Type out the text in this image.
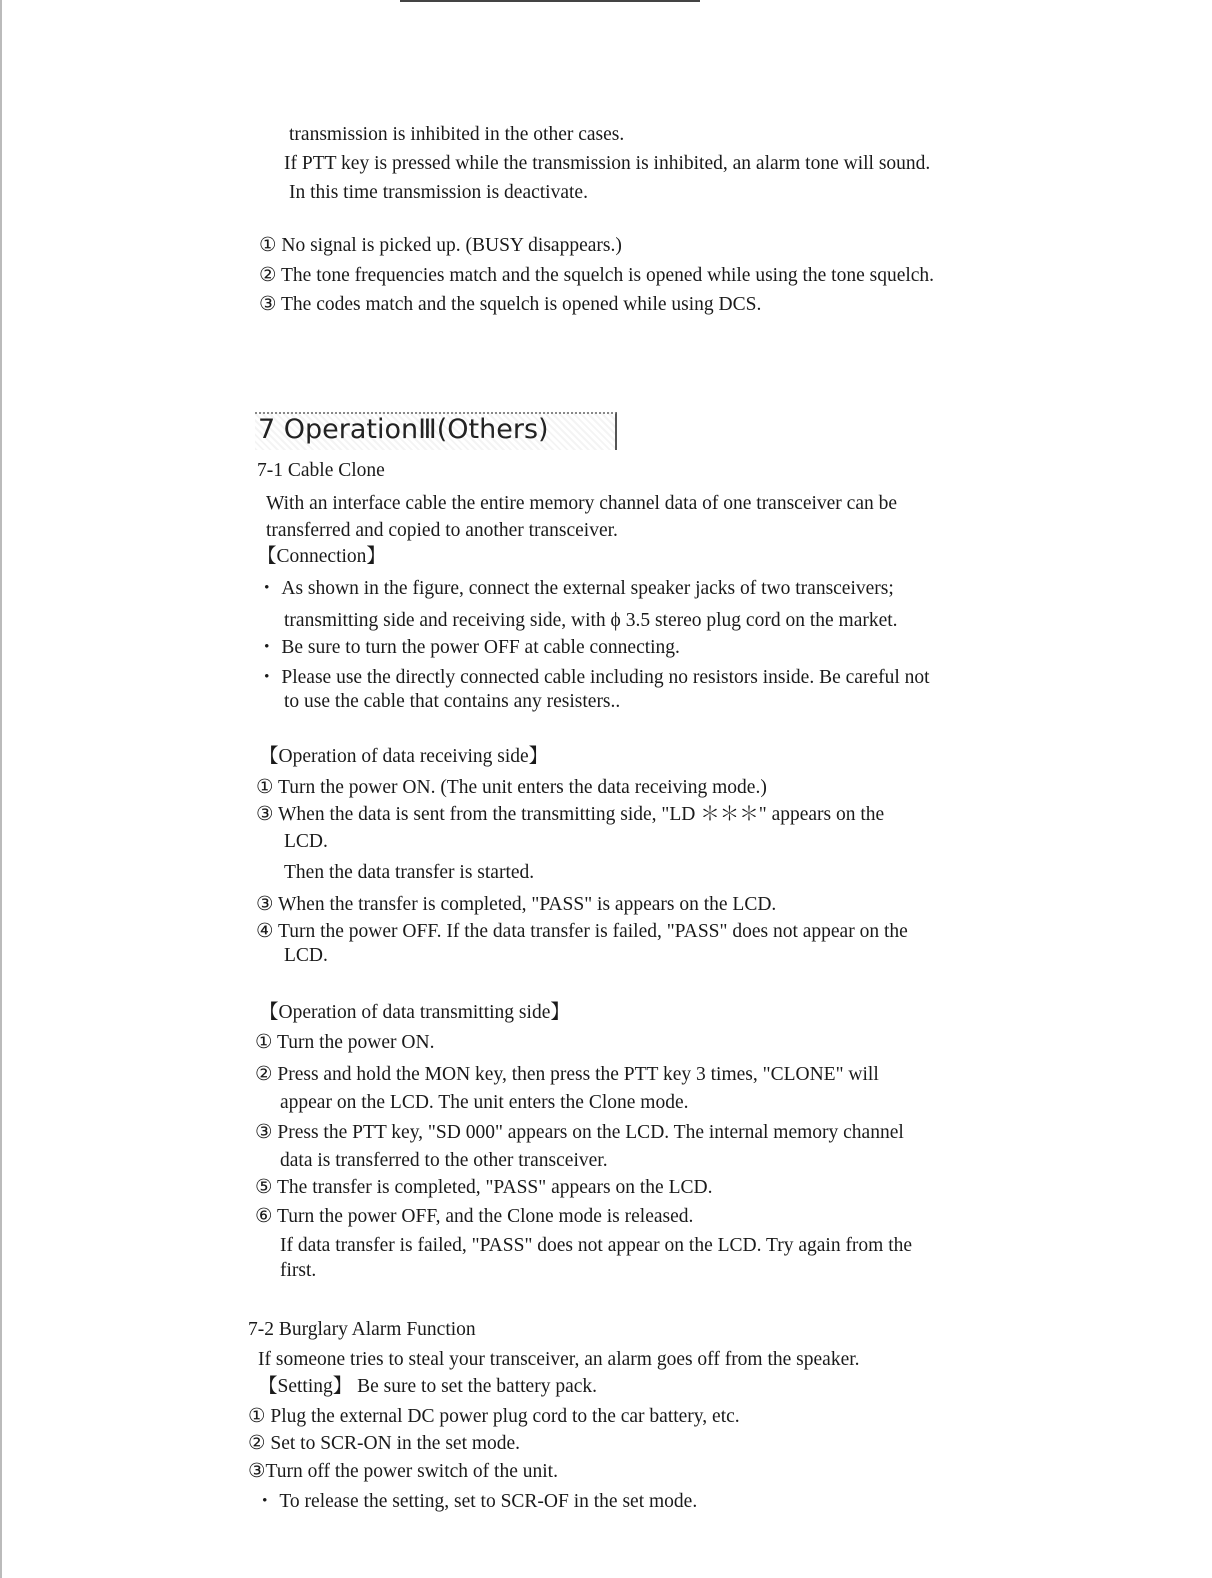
transmission is inhibited in the other cases.
If PTT key is pressed while the transmission is inhibited, an alarm tone will sound.
In this time transmission is deactivate.
① No signal is picked up. (BUSY disappears.)
② The tone frequencies match and the squelch is opened while using the tone squelch.
③ The codes match and the squelch is opened while using DCS.
7 OperationⅢ(Others)
7-1 Cable Clone
With an interface cable the entire memory channel data of one transceiver can be
transferred and copied to another transceiver.
【Connection】
・ As shown in the figure, connect the external speaker jacks of two transceivers;
transmitting side and receiving side, with ϕ 3.5 stereo plug cord on the market.
・ Be sure to turn the power OFF at cable connecting.
・ Please use the directly connected cable including no resistors inside. Be careful not
to use the cable that contains any resisters..
【Operation of data receiving side】
① Turn the power ON. (The unit enters the data receiving mode.)
③ When the data is sent from the transmitting side, "LD ＊＊＊" appears on the
LCD.
Then the data transfer is started.
③ When the transfer is completed, "PASS" is appears on the LCD.
④ Turn the power OFF. If the data transfer is failed, "PASS" does not appear on the
LCD.
【Operation of data transmitting side】
① Turn the power ON.
② Press and hold the MON key, then press the PTT key 3 times, "CLONE" will
appear on the LCD. The unit enters the Clone mode.
③ Press the PTT key, "SD 000" appears on the LCD. The internal memory channel
data is transferred to the other transceiver.
⑤ The transfer is completed, "PASS" appears on the LCD.
⑥ Turn the power OFF, and the Clone mode is released.
If data transfer is failed, "PASS" does not appear on the LCD. Try again from the
first.
7-2 Burglary Alarm Function
If someone tries to steal your transceiver, an alarm goes off from the speaker.
【Setting】 Be sure to set the battery pack.
① Plug the external DC power plug cord to the car battery, etc.
② Set to SCR-ON in the set mode.
③Turn off the power switch of the unit.
・ To release the setting, set to SCR-OF in the set mode.
